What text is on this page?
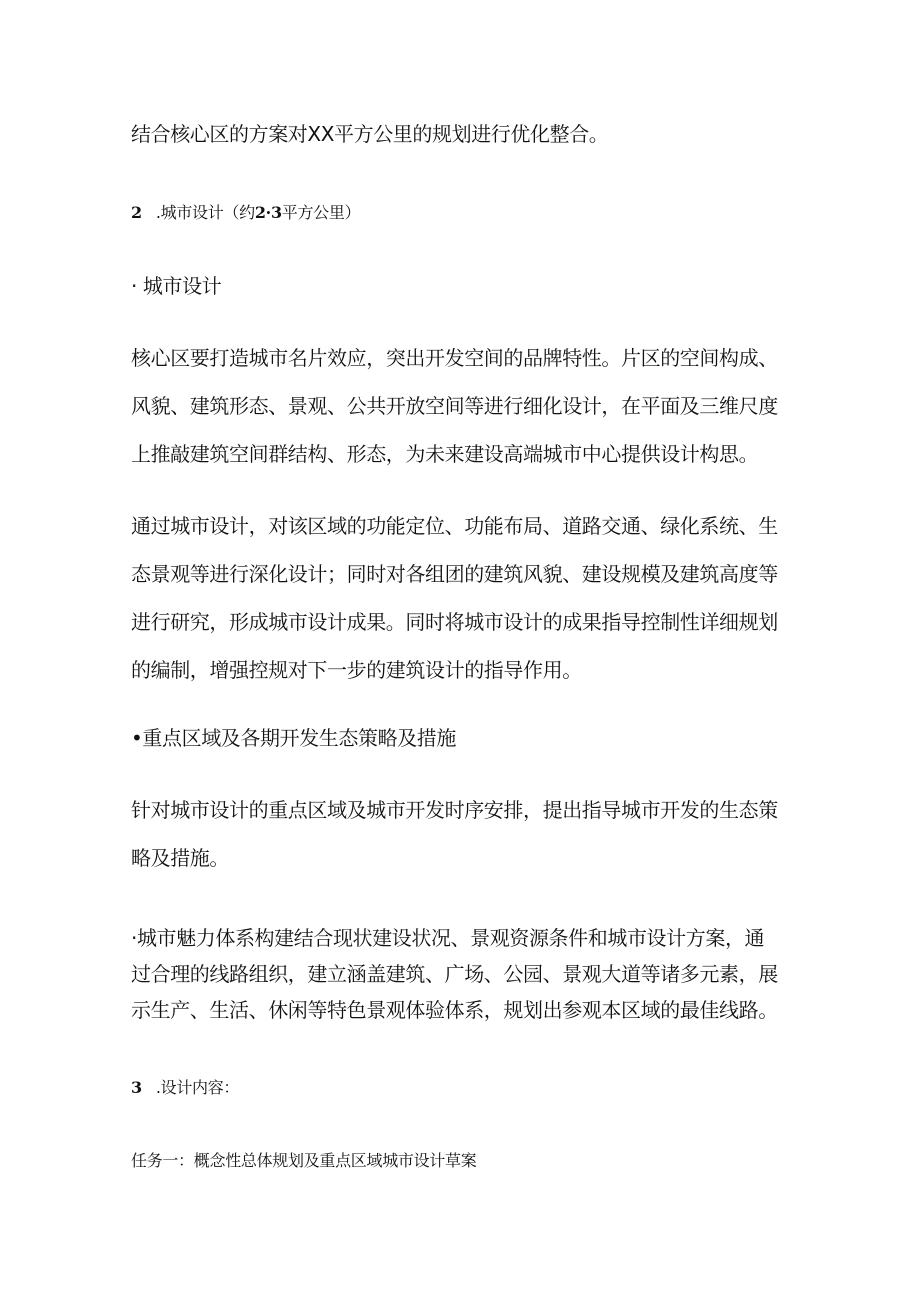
结合核心区的方案对XX平方公里的规划进行优化整合。
2 .城市设计（约2·3平方公里）
· 城市设计
核心区要打造城市名片效应，突出开发空间的品牌特性。片区的空间构成、
风貌、建筑形态、景观、公共开放空间等进行细化设计，在平面及三维尺度
上推敲建筑空间群结构、形态，为未来建设高端城市中心提供设计构思。
通过城市设计，对该区域的功能定位、功能布局、道路交通、绿化系统、生
态景观等进行深化设计；同时对各组团的建筑风貌、建设规模及建筑高度等
进行研究，形成城市设计成果。同时将城市设计的成果指导控制性详细规划
的编制，增强控规对下一步的建筑设计的指导作用。
•重点区域及各期开发生态策略及措施
针对城市设计的重点区域及城市开发时序安排，提出指导城市开发的生态策
略及措施。
·城市魅力体系构建结合现状建设状况、景观资源条件和城市设计方案，通
过合理的线路组织，建立涵盖建筑、广场、公园、景观大道等诸多元素，展
示生产、生活、休闲等特色景观体验体系，规划出参观本区域的最佳线路。
3 .设计内容：
任务一：概念性总体规划及重点区域城市设计草案
